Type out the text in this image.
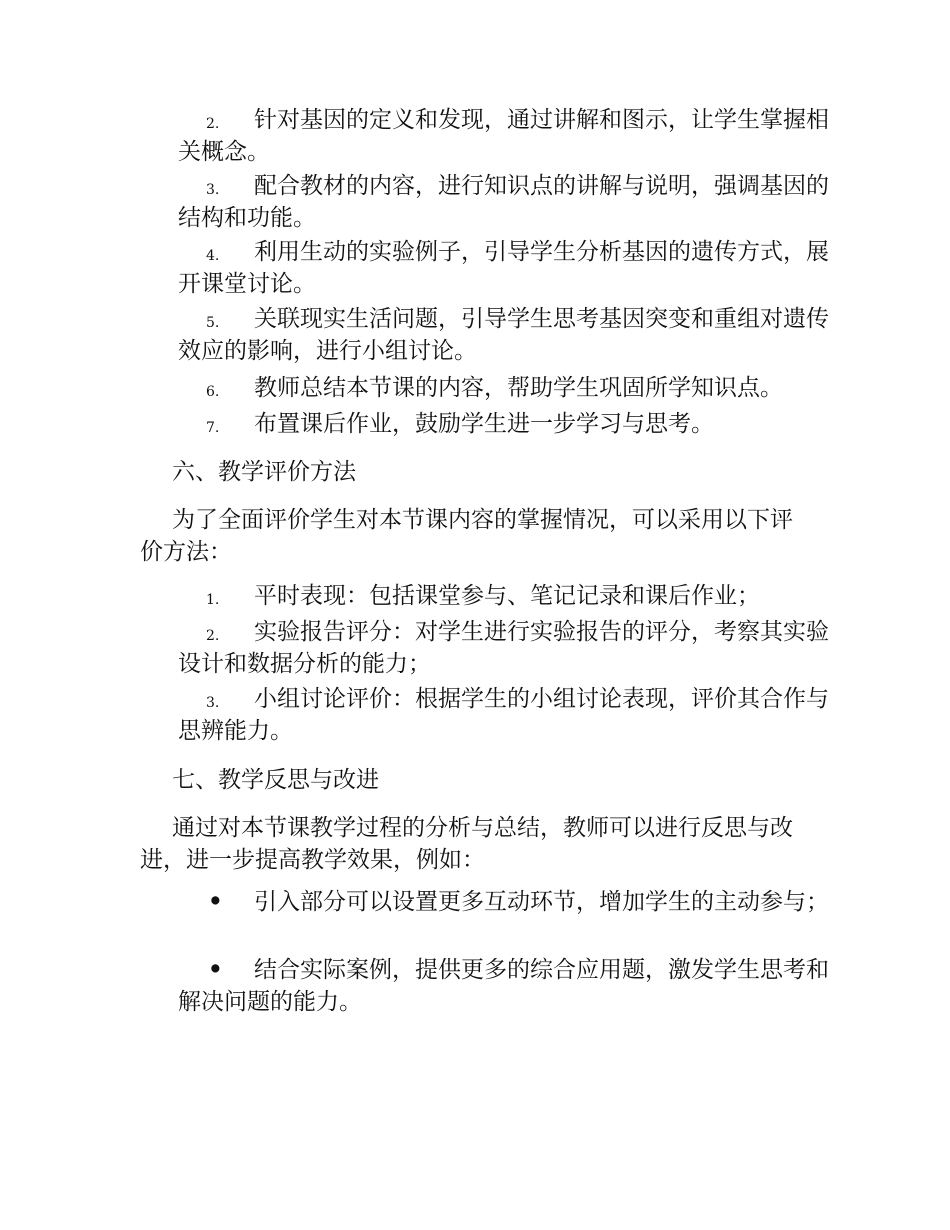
2.	针对基因的定义和发现，通过讲解和图示，让学生掌握相关概念。
3.	配合教材的内容，进行知识点的讲解与说明，强调基因的结构和功能。
4.	利用生动的实验例子，引导学生分析基因的遗传方式，展开课堂讨论。
5.	关联现实生活问题，引导学生思考基因突变和重组对遗传效应的影响，进行小组讨论。
6.	教师总结本节课的内容，帮助学生巩固所学知识点。
7.	布置课后作业，鼓励学生进一步学习与思考。
六、教学评价方法
为了全面评价学生对本节课内容的掌握情况，可以采用以下评价方法：
1.	平时表现：包括课堂参与、笔记记录和课后作业；
2.	实验报告评分：对学生进行实验报告的评分，考察其实验设计和数据分析的能力；
3.	小组讨论评价：根据学生的小组讨论表现，评价其合作与思辨能力。
七、教学反思与改进
通过对本节课教学过程的分析与总结，教师可以进行反思与改进，进一步提高教学效果，例如：
•	引入部分可以设置更多互动环节，增加学生的主动参与；
•	结合实际案例，提供更多的综合应用题，激发学生思考和解决问题的能力。
